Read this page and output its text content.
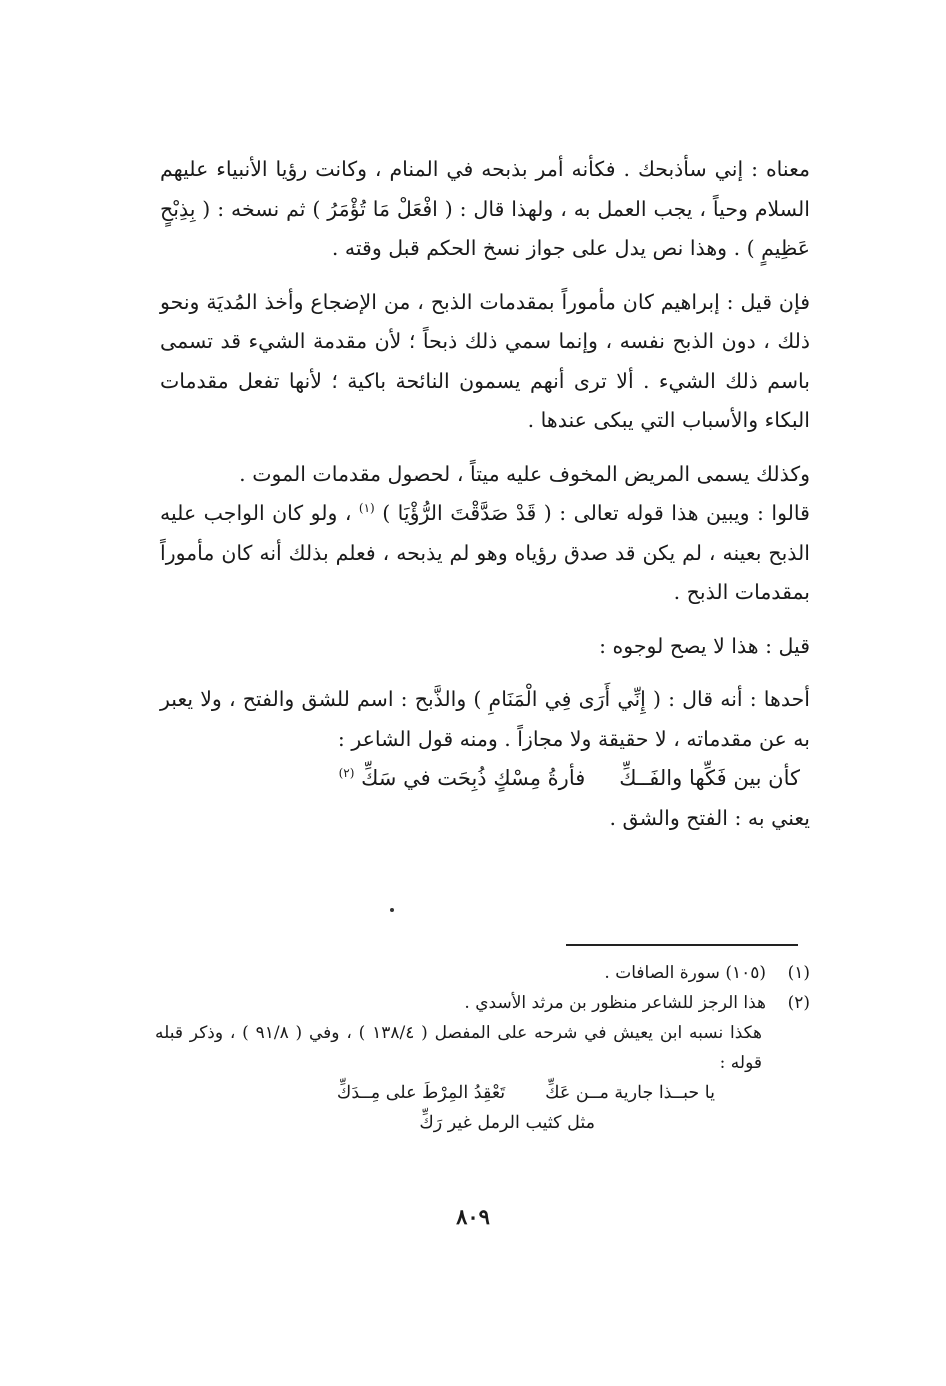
معناه : إني سأذبحك . فكأنه أمر بذبحه في المنام ، وكانت رؤيا الأنبياء عليهم السلام وحياً ، يجب العمل به ، ولهذا قال : ( افْعَلْ مَا تُؤْمَرُ ) ثم نسخه : ( بِذِبْحٍ عَظِيمٍ ) . وهذا نص يدل على جواز نسخ الحكم قبل وقته .

فإن قيل : إبراهيم كان مأموراً بمقدمات الذبح ، من الإضجاع وأخذ المُديَة ونحو ذلك ، دون الذبح نفسه ، وإنما سمي ذلك ذبحاً ؛ لأن مقدمة الشيء قد تسمى باسم ذلك الشيء . ألا ترى أنهم يسمون النائحة باكية ؛ لأنها تفعل مقدمات البكاء والأسباب التي يبكى عندها .

وكذلك يسمى المريض المخوف عليه ميتاً ، لحصول مقدمات الموت .

قالوا : ويبين هذا قوله تعالى : ( قَدْ صَدَّقْتَ الرُّؤْيَا ) $^{(١)}$ ، ولو كان الواجب عليه الذبح بعينه ، لم يكن قد صدق رؤياه وهو لم يذبحه ، فعلم بذلك أنه كان مأموراً بمقدمات الذبح .

قيل : هذا لا يصح لوجوه :

أحدها : أنه قال : ( إِنِّي أَرَى فِي الْمَنَامِ ) والذَّبح : اسم للشق والفتح ، ولا يعبر به عن مقدماته ، لا حقيقة ولا مجازاً . ومنه قول الشاعر :

كأن بين فَكِّها والفَــكِّ
فأرةُ مِسْكٍ ذُبِحَت في سَكِّ $^{(٢)}$

يعني به : الفتح والشق .

(١)
(١٠٥) سورة الصافات .
(٢)
هذا الرجز للشاعر منظور بن مرثد الأسدي .
هكذا نسبه ابن يعيش في شرحه على المفصل ( ١٣٨/٤ ) ، وفي ( ٩١/٨ ) ، وذكر قبله قوله :
يا حبــذا جارية مــن عَكِّ
تَعْقِدُ المِرْطَ على مِــدَكِّ
مثل كثيب الرمل غير رَكِّ
٨٠٩
